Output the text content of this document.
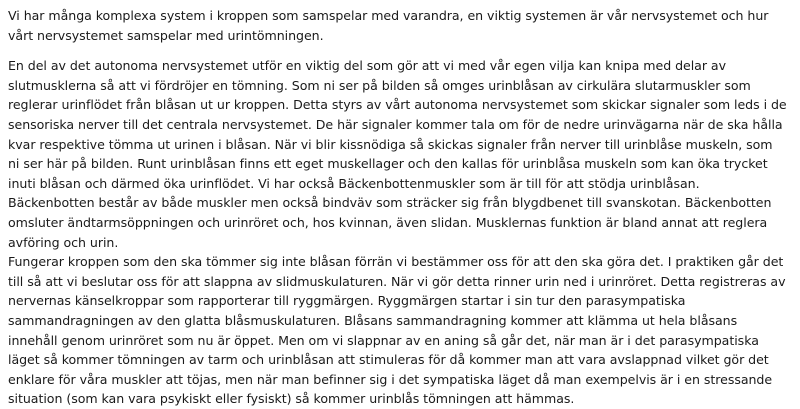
Vi har många komplexa system i kroppen som samspelar med varandra, en viktig systemen är vår nervsystemet och hur
vårt nervsystemet samspelar med urintömningen.

En del av det autonoma nervsystemet utför en viktig del som gör att vi med vår egen vilja kan knipa med delar av
slutmusklerna så att vi fördröjer en tömning. Som ni ser på bilden så omges urinblåsan av cirkulära slutarmuskler som
reglerar urinflödet från blåsan ut ur kroppen. Detta styrs av vårt autonoma nervsystemet som skickar signaler som leds i de
sensoriska nerver till det centrala nervsystemet. De här signaler kommer tala om för de nedre urinvägarna när de ska hålla
kvar respektive tömma ut urinen i blåsan. När vi blir kissnödiga så skickas signaler från nerver till urinblåse muskeln, som
ni ser här på bilden. Runt urinblåsan finns ett eget muskellager och den kallas för urinblåsa muskeln som kan öka trycket
inuti blåsan och därmed öka urinflödet. Vi har också Bäckenbottenmuskler som är till för att stödja urinblåsan.
Bäckenbotten består av både muskler men också bindväv som sträcker sig från blygdbenet till svanskotan. Bäckenbotten
omsluter ändtarmsöppningen och urinröret och, hos kvinnan, även slidan. Musklernas funktion är bland annat att reglera
avföring och urin.
Fungerar kroppen som den ska tömmer sig inte blåsan förrän vi bestämmer oss för att den ska göra det. I praktiken går det
till så att vi beslutar oss för att slappna av slidmuskulaturen. När vi gör detta rinner urin ned i urinröret. Detta registreras av
nervernas känselkroppar som rapporterar till ryggmärgen. Ryggmärgen startar i sin tur den parasympatiska
sammandragningen av den glatta blåsmuskulaturen. Blåsans sammandragning kommer att klämma ut hela blåsans
innehåll genom urinröret som nu är öppet. Men om vi slappnar av en aning så går det, när man är i det parasympatiska
läget så kommer tömningen av tarm och urinblåsan att stimuleras för då kommer man att vara avslappnad vilket gör det
enklare för våra muskler att töjas, men när man befinner sig i det sympatiska läget då man exempelvis är i en stressande
situation (som kan vara psykiskt eller fysiskt) så kommer urinblås tömningen att hämmas.
